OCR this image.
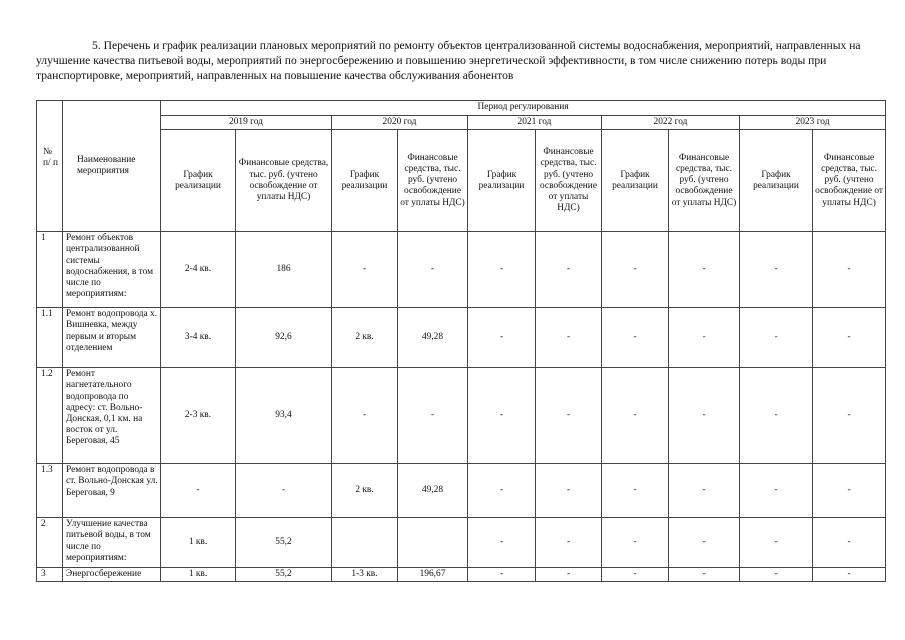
5. Перечень и график реализации плановых мероприятий по ремонту объектов централизованной системы водоснабжения, мероприятий, направленных на улучшение качества питьевой воды, мероприятий по энергосбережению и повышению энергетической эффективности, в том числе снижению потерь воды при транспортировке, мероприятий, направленных на повышение качества обслуживания абонентов
№ п/ п	Наименование мероприятия	Период регулирования									
		2019 год		2020 год		2021 год		2022 год		2023 год	
		График реализации	Финансовые средства, тыс. руб. (учтено освобождение от уплаты НДС)	График реализации	Финансовые средства, тыс. руб. (учтено освобождение от уплаты НДС)	График реализации	Финансовые средства, тыс. руб. (учтено освобождение от уплаты НДС)	График реализации	Финансовые средства, тыс. руб. (учтено освобождение от уплаты НДС)	График реализации	Финансовые средства, тыс. руб. (учтено освобождение от уплаты НДС)
1	Ремонт объектов централизованной системы водоснабжения, в том числе по мероприятиям:	2-4 кв.	186	-	-	-	-	-	-	-	-
1.1	Ремонт водопровода х. Вишневка, между первым и вторым отделением	3-4 кв.	92,6	2 кв.	49,28	-	-	-	-	-	-
1.2	Ремонт нагнетательного водопровода по адресу: ст. Вольно-Донская, 0,1 км. на восток от ул. Береговая, 45	2-3 кв.	93,4	-	-	-	-	-	-	-	-
1.3	Ремонт водопровода в ст. Вольно-Донская ул. Береговая, 9	-	-	2 кв.	49,28	-	-	-	-	-	-
2	Улучшение качества питьевой воды, в том числе по мероприятиям:	1 кв.	55,2			-	-	-	-	-	-
3	Энергосбережение	1 кв.	55,2	1-3 кв.	196,67	-	-	-	-	-	-
